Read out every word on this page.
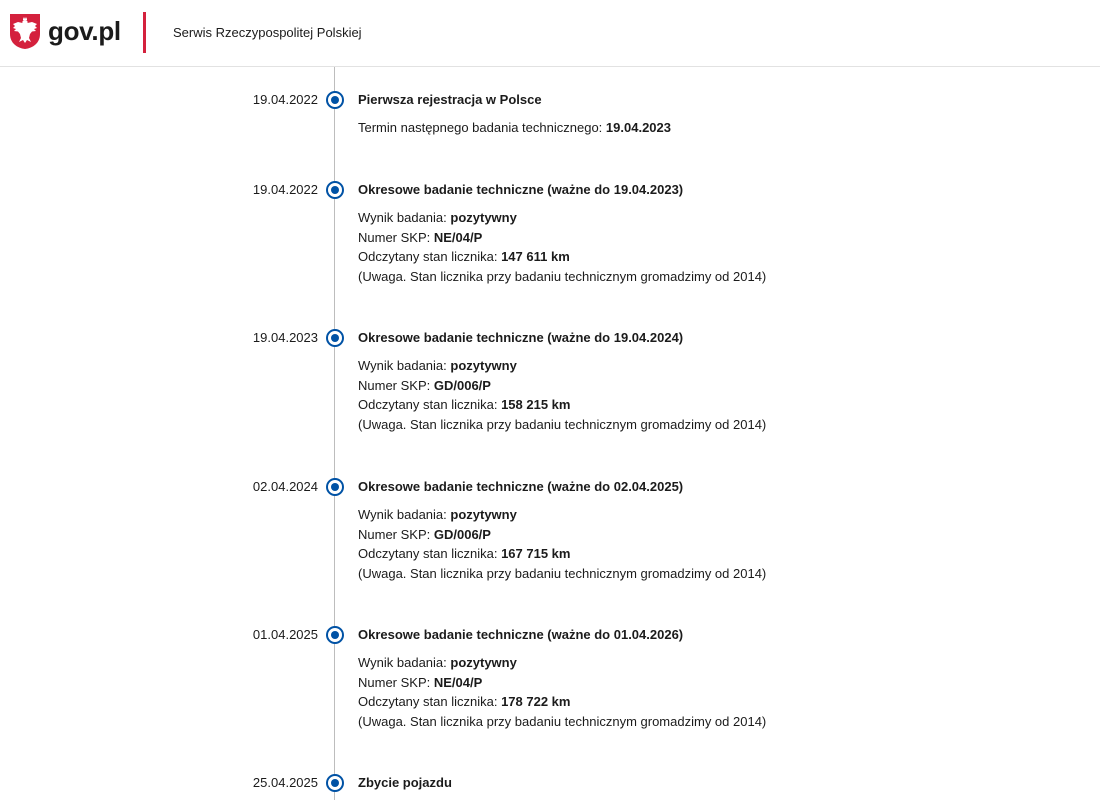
gov.pl	Serwis Rzeczypospolitej Polskiej
19.04.2022	Pierwsza rejestracja w Polsce
Termin następnego badania technicznego: 19.04.2023
19.04.2022	Okresowe badanie techniczne (ważne do 19.04.2023)
Wynik badania: pozytywny
Numer SKP: NE/04/P
Odczytany stan licznika: 147 611 km
(Uwaga. Stan licznika przy badaniu technicznym gromadzimy od 2014)
19.04.2023	Okresowe badanie techniczne (ważne do 19.04.2024)
Wynik badania: pozytywny
Numer SKP: GD/006/P
Odczytany stan licznika: 158 215 km
(Uwaga. Stan licznika przy badaniu technicznym gromadzimy od 2014)
02.04.2024	Okresowe badanie techniczne (ważne do 02.04.2025)
Wynik badania: pozytywny
Numer SKP: GD/006/P
Odczytany stan licznika: 167 715 km
(Uwaga. Stan licznika przy badaniu technicznym gromadzimy od 2014)
01.04.2025	Okresowe badanie techniczne (ważne do 01.04.2026)
Wynik badania: pozytywny
Numer SKP: NE/04/P
Odczytany stan licznika: 178 722 km
(Uwaga. Stan licznika przy badaniu technicznym gromadzimy od 2014)
25.04.2025	Zbycie pojazdu
